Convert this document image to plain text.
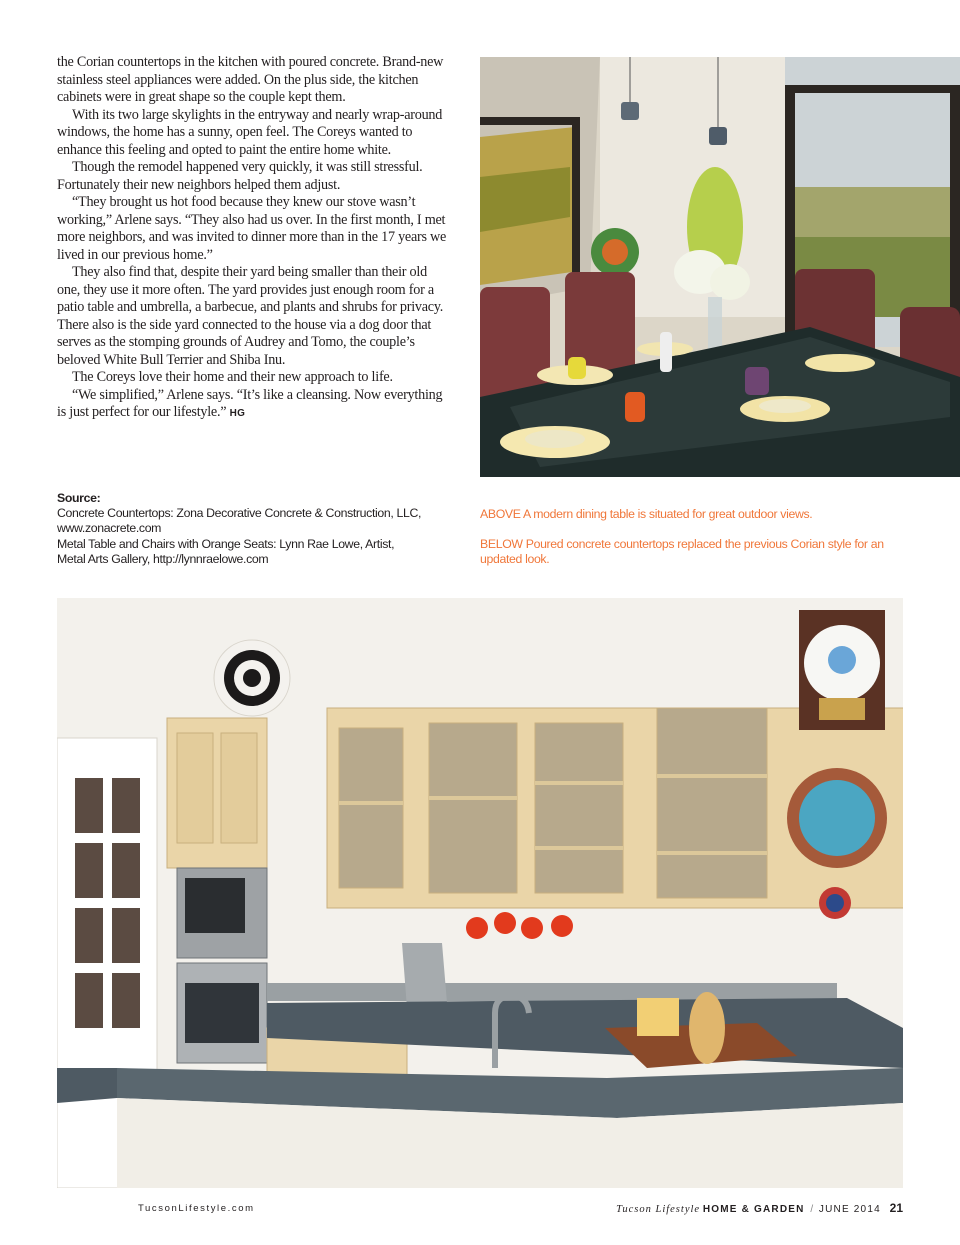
the Corian countertops in the kitchen with poured concrete. Brand-new stainless steel appliances were added. On the plus side, the kitchen cabinets were in great shape so the couple kept them.

With its two large skylights in the entryway and nearly wrap-around windows, the home has a sunny, open feel. The Coreys wanted to enhance this feeling and opted to paint the entire home white.

Though the remodel happened very quickly, it was still stressful. Fortunately their new neighbors helped them adjust.

“They brought us hot food because they knew our stove wasn’t working,” Arlene says. “They also had us over. In the first month, I met more neighbors, and was invited to dinner more than in the 17 years we lived in our previous home.”

They also find that, despite their yard being smaller than their old one, they use it more often. The yard provides just enough room for a patio table and umbrella, a barbecue, and plants and shrubs for privacy. There also is the side yard connected to the house via a dog door that serves as the stomping grounds of Audrey and Tomo, the couple’s beloved White Bull Terrier and Shiba Inu.

The Coreys love their home and their new approach to life.

“We simplified,” Arlene says. “It’s like a cleansing. Now everything is just perfect for our lifestyle.” HG

Source:
Concrete Countertops: Zona Decorative Concrete & Construction, LLC,
www.zonacrete.com
Metal Table and Chairs with Orange Seats: Lynn Rae Lowe, Artist,
Metal Arts Gallery, http://lynnraelowe.com

ABOVE A modern dining table is situated for great outdoor views.

BELOW Poured concrete countertops replaced the previous Corian style for an updated look.

TucsonLifestyle.com	Tucson Lifestyle HOME & GARDEN / JUNE 2014 21
